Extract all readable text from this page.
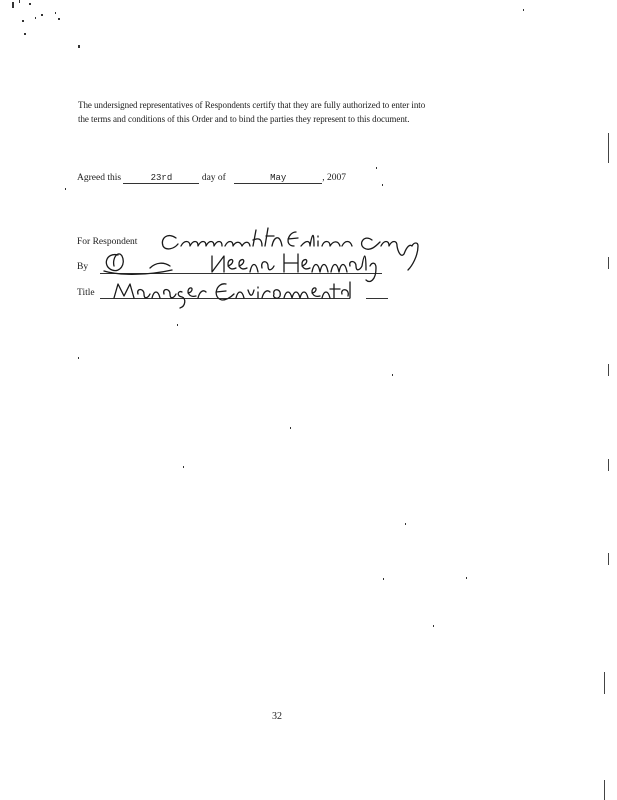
The undersigned representatives of Respondents certify that they are fully authorized to enter into

the terms and conditions of this Order and to bind the parties they represent to this document.

Agreed this	23rd	day of	May	, 2007
For Respondent
By
Title
32
